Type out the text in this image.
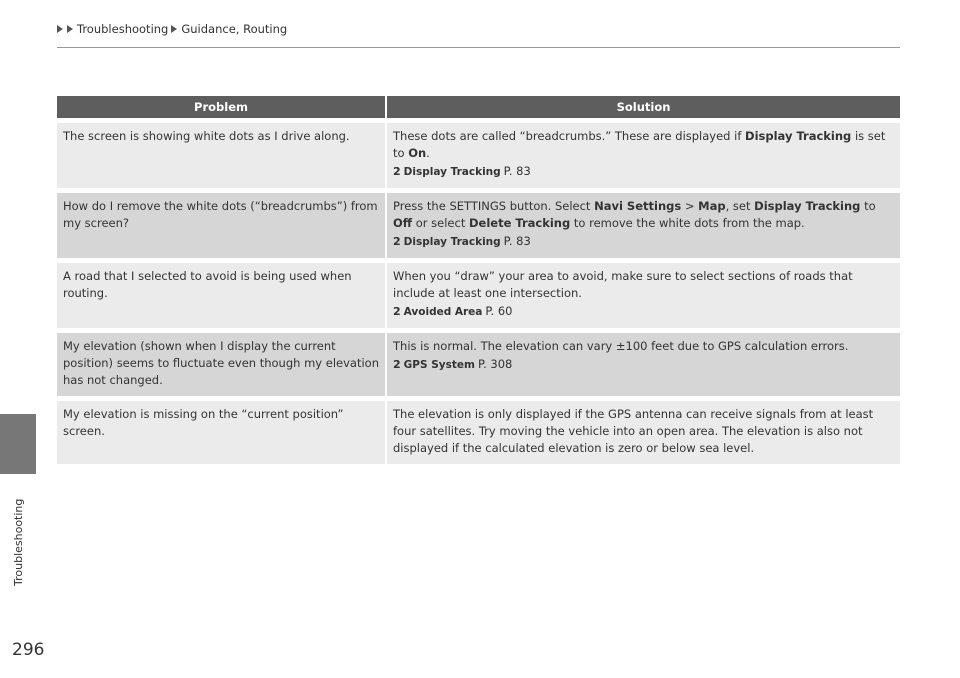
Troubleshooting Guidance, Routing
Troubleshooting
296
Problem	Solution

The screen is showing white dots as I drive along.	These dots are called “breadcrumbs.” These are displayed if Display Tracking is set to On.
2 Display Tracking P. 83

How do I remove the white dots (“breadcrumbs”) from my screen?	Press the SETTINGS button. Select Navi Settings > Map, set Display Tracking to Off or select Delete Tracking to remove the white dots from the map.
2 Display Tracking P. 83

A road that I selected to avoid is being used when routing.	When you “draw” your area to avoid, make sure to select sections of roads that include at least one intersection.
2 Avoided Area P. 60

My elevation (shown when I display the current position) seems to fluctuate even though my elevation has not changed.	This is normal. The elevation can vary ±100 feet due to GPS calculation errors.
2 GPS System P. 308

My elevation is missing on the “current position” screen.	The elevation is only displayed if the GPS antenna can receive signals from at least four satellites. Try moving the vehicle into an open area. The elevation is also not displayed if the calculated elevation is zero or below sea level.
